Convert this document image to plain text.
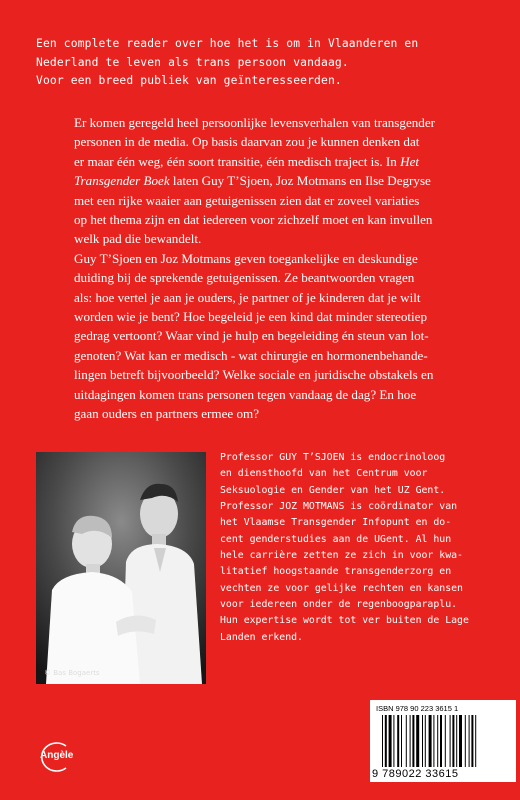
Een complete reader over hoe het is om in Vlaanderen en
Nederland te leven als trans persoon vandaag.
Voor een breed publiek van geïnteresseerden.
Er komen geregeld heel persoonlijke levensverhalen van transgender
personen in de media. Op basis daarvan zou je kunnen denken dat
er maar één weg, één soort transitie, één medisch traject is. In Het
Transgender Boek laten Guy T’Sjoen, Joz Motmans en Ilse Degryse
met een rijke waaier aan getuigenissen zien dat er zoveel variaties
op het thema zijn en dat iedereen voor zichzelf moet en kan invullen
welk pad die bewandelt.
Guy T’Sjoen en Joz Motmans geven toegankelijke en deskundige
duiding bij de sprekende getuigenissen. Ze beantwoorden vragen
als: hoe vertel je aan je ouders, je partner of je kinderen dat je wilt
worden wie je bent? Hoe begeleid je een kind dat minder stereotiep
gedrag vertoont? Waar vind je hulp en begeleiding én steun van lot-
genoten? Wat kan er medisch - wat chirurgie en hormonenbehande-
lingen betreft bijvoorbeeld? Welke sociale en juridische obstakels en
uitdagingen komen trans personen tegen vandaag de dag? En hoe
gaan ouders en partners ermee om?
© Bas Bogaerts
Professor GUY T’SJOEN is endocrinoloog
en diensthoofd van het Centrum voor
Seksuologie en Gender van het UZ Gent.
Professor JOZ MOTMANS is coördinator van
het Vlaamse Transgender Infopunt en do-
cent genderstudies aan de UGent. Al hun
hele carrière zetten ze zich in voor kwa-
litatief hoogstaande transgenderzorg en
vechten ze voor gelijke rechten en kansen
voor iedereen onder de regenboogparaplu.
Hun expertise wordt tot ver buiten de Lage
Landen erkend.
ISBN 978 90 223 3615 1
9 789022 33615
Angèle
